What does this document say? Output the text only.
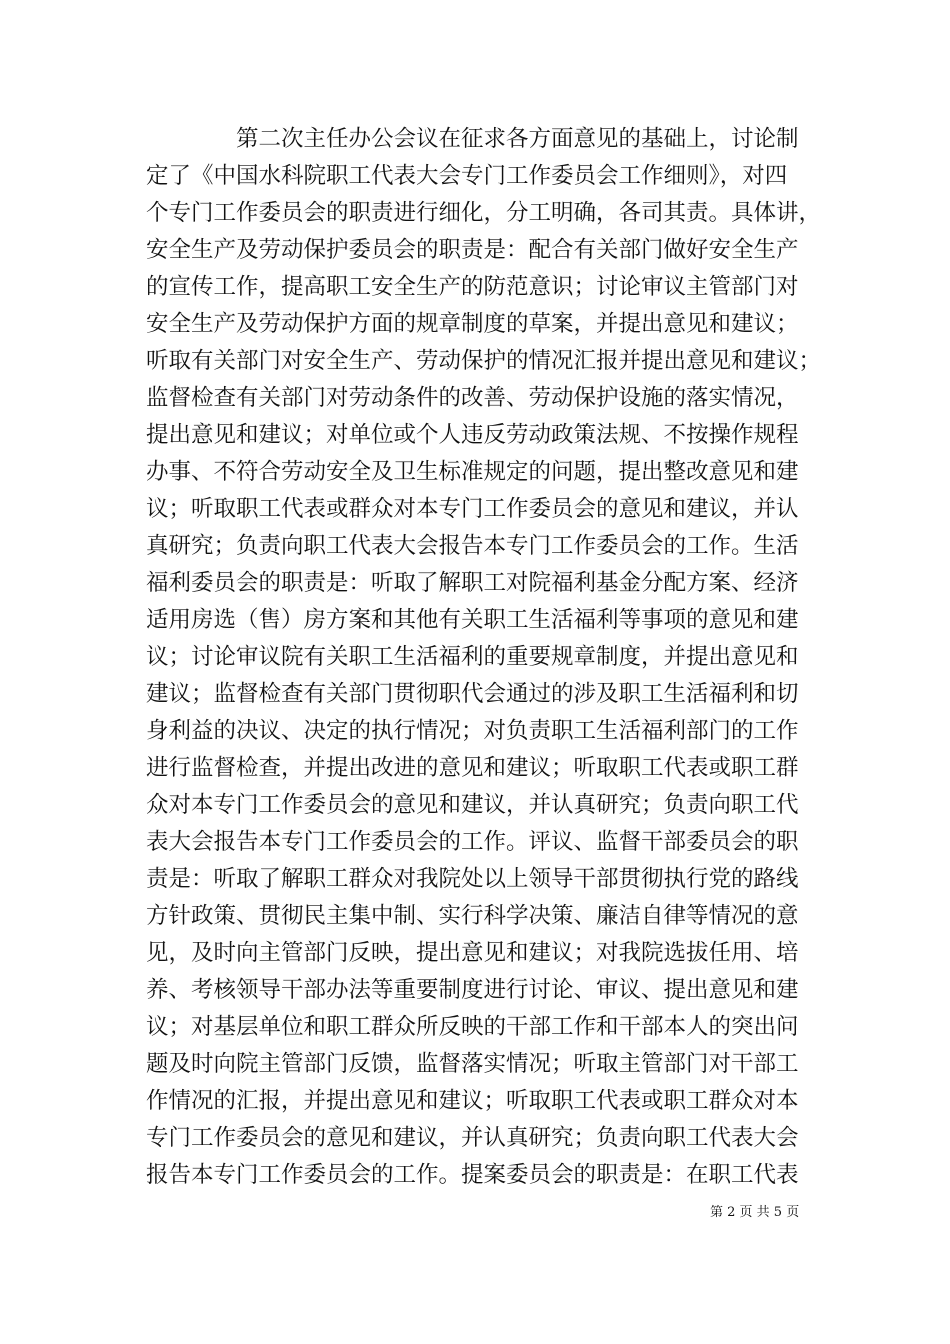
第二次主任办公会议在征求各方面意见的基础上，讨论制
定了《中国水科院职工代表大会专门工作委员会工作细则》，对四
个专门工作委员会的职责进行细化，分工明确，各司其责。具体讲，
安全生产及劳动保护委员会的职责是：配合有关部门做好安全生产
的宣传工作，提高职工安全生产的防范意识；讨论审议主管部门对
安全生产及劳动保护方面的规章制度的草案，并提出意见和建议；
听取有关部门对安全生产、劳动保护的情况汇报并提出意见和建议；
监督检查有关部门对劳动条件的改善、劳动保护设施的落实情况，
提出意见和建议；对单位或个人违反劳动政策法规、不按操作规程
办事、不符合劳动安全及卫生标准规定的问题，提出整改意见和建
议；听取职工代表或群众对本专门工作委员会的意见和建议，并认
真研究；负责向职工代表大会报告本专门工作委员会的工作。生活
福利委员会的职责是：听取了解职工对院福利基金分配方案、经济
适用房选（售）房方案和其他有关职工生活福利等事项的意见和建
议；讨论审议院有关职工生活福利的重要规章制度，并提出意见和
建议；监督检查有关部门贯彻职代会通过的涉及职工生活福利和切
身利益的决议、决定的执行情况；对负责职工生活福利部门的工作
进行监督检查，并提出改进的意见和建议；听取职工代表或职工群
众对本专门工作委员会的意见和建议，并认真研究；负责向职工代
表大会报告本专门工作委员会的工作。评议、监督干部委员会的职
责是：听取了解职工群众对我院处以上领导干部贯彻执行党的路线
方针政策、贯彻民主集中制、实行科学决策、廉洁自律等情况的意
见，及时向主管部门反映，提出意见和建议；对我院选拔任用、培
养、考核领导干部办法等重要制度进行讨论、审议、提出意见和建
议；对基层单位和职工群众所反映的干部工作和干部本人的突出问
题及时向院主管部门反馈，监督落实情况；听取主管部门对干部工
作情况的汇报，并提出意见和建议；听取职工代表或职工群众对本
专门工作委员会的意见和建议，并认真研究；负责向职工代表大会
报告本专门工作委员会的工作。提案委员会的职责是：在职工代表
第 2 页 共 5 页
